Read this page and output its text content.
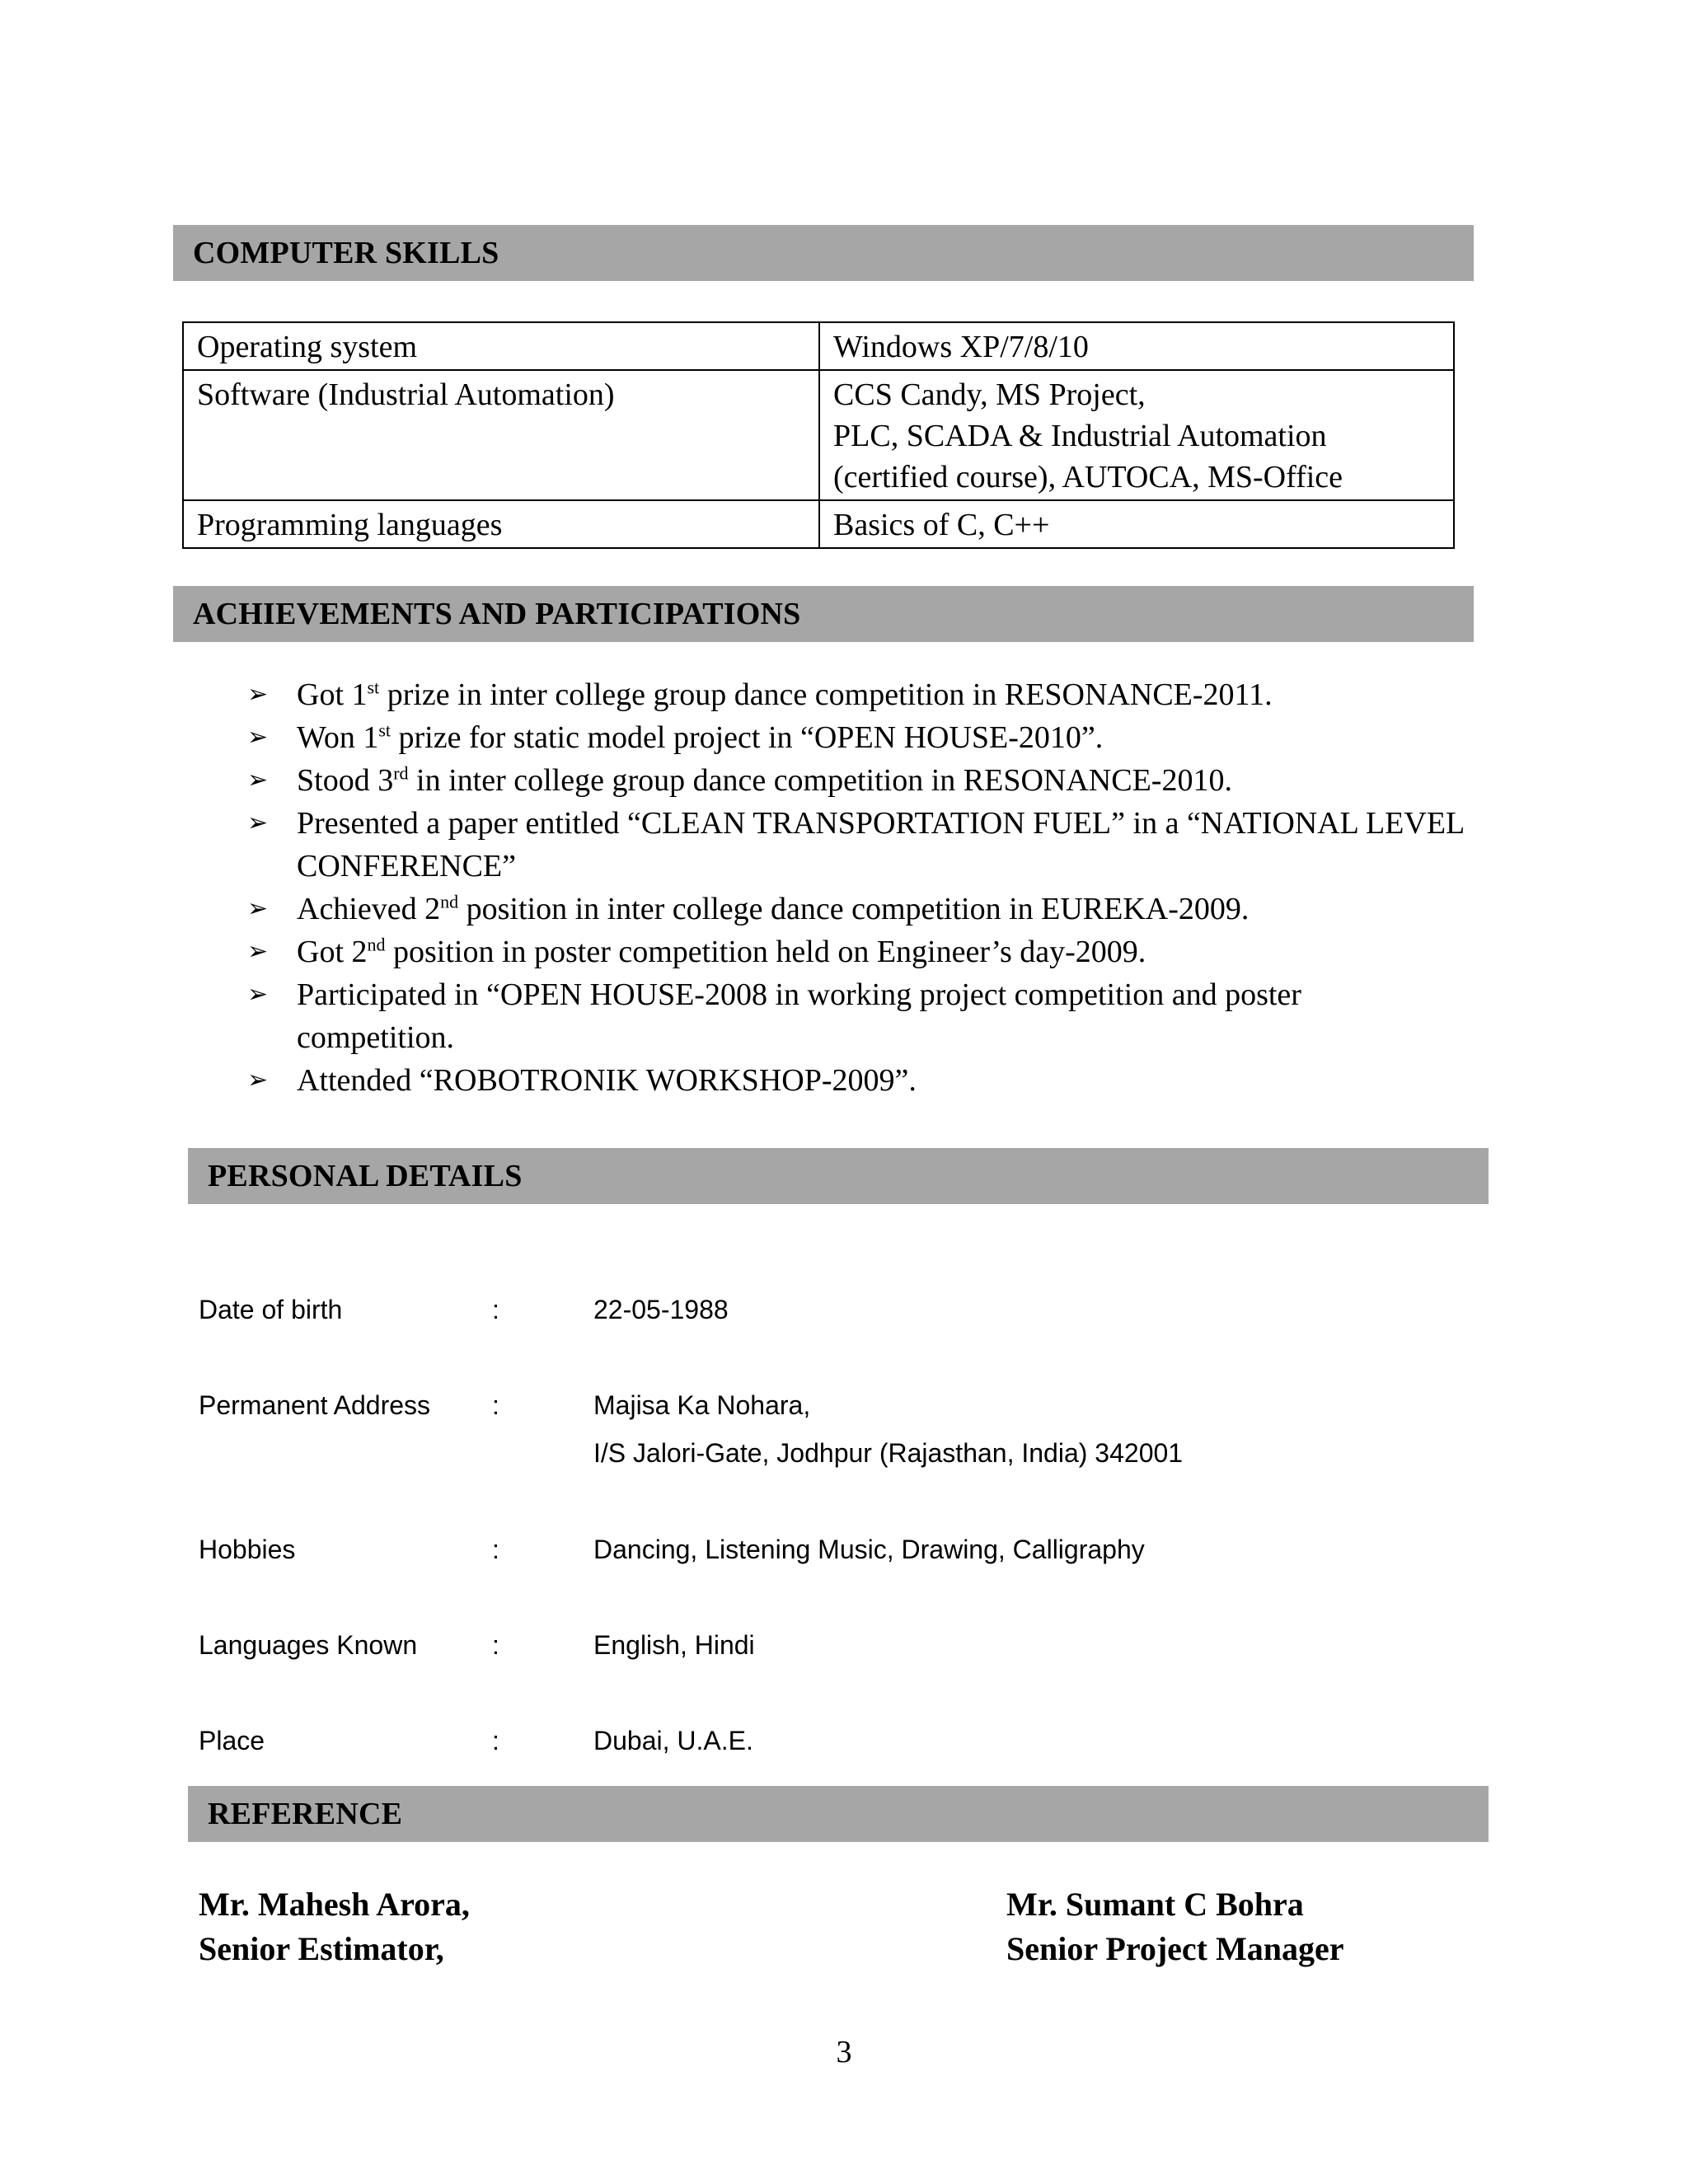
COMPUTER SKILLS
Operating system	Windows XP/7/8/10

Software (Industrial Automation)	CCS Candy, MS Project,
PLC, SCADA & Industrial Automation
(certified course), AUTOCA, MS-Office

Programming languages	Basics of C, C++
ACHIEVEMENTS AND PARTICIPATIONS
➢ Got 1st prize in inter college group dance competition in RESONANCE-2011.
➢ Won 1st prize for static model project in “OPEN HOUSE-2010”.
➢ Stood 3rd in inter college group dance competition in RESONANCE-2010.
➢ Presented a paper entitled “CLEAN TRANSPORTATION FUEL” in a “NATIONAL LEVEL CONFERENCE”
➢ Achieved 2nd position in inter college dance competition in EUREKA-2009.
➢ Got 2nd position in poster competition held on Engineer’s day-2009.
➢ Participated in “OPEN HOUSE-2008 in working project competition and poster competition.
➢ Attended “ROBOTRONIK WORKSHOP-2009”.
PERSONAL DETAILS
Date of birth	:	22-05-1988
Permanent Address :	Majisa Ka Nohara,
I/S Jalori-Gate, Jodhpur (Rajasthan, India) 342001
Hobbies	:	Dancing, Listening Music, Drawing, Calligraphy
Languages Known	:	English, Hindi
Place	:	Dubai, U.A.E.
REFERENCE
Mr. Mahesh Arora,
Senior Estimator,
Mr. Sumant C Bohra
Senior Project Manager
3
